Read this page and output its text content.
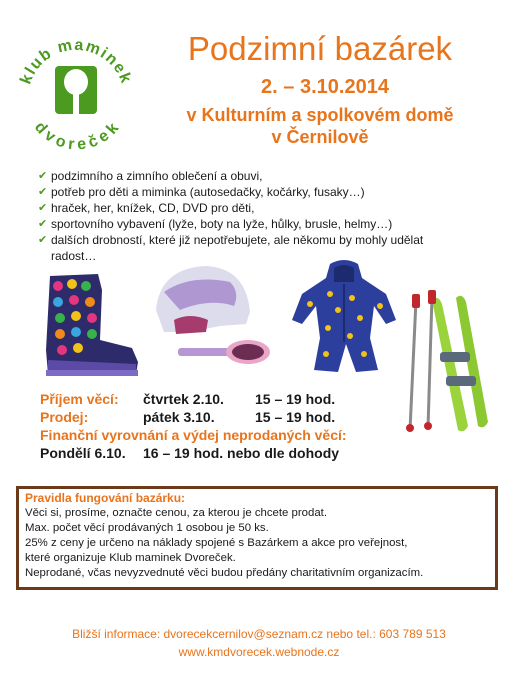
klub maminek
dvoreček
Podzimní bazárek
2. – 3.10.2014
v Kulturním a spolkovém domě
v Černilově
✔ podzimního a zimního oblečení a obuvi,
✔ potřeb pro děti a miminka (autosedačky, kočárky, fusaky…)
✔ hraček, her, knížek, CD, DVD pro děti,
✔ sportovního vybavení (lyže, boty na lyže, hůlky, brusle, helmy…)
✔ dalších drobností, které již nepotřebujete, ale někomu by mohly udělat
radost…
Příjem věcí: čtvrtek 2.10. 15 – 19 hod.
Prodej:	pátek 3.10.	15 – 19 hod.
Finanční vyrovnání a výdej neprodaných věcí:
Pondělí 6.10. 16 – 19 hod. nebo dle dohody
Pravidla fungování bazárku:
Věci si, prosíme, označte cenou, za kterou je chcete prodat.
Max. počet věcí prodávaných 1 osobou je 50 ks.
25% z ceny je určeno na náklady spojené s Bazárkem a akce pro veřejnost,
které organizuje Klub maminek Dvoreček.
Neprodané, včas nevyzvednuté věci budou předány charitativním organizacím.
Bližší informace: dvorecekcernilov@seznam.cz nebo tel.: 603 789 513
www.kmdvorecek.webnode.cz
